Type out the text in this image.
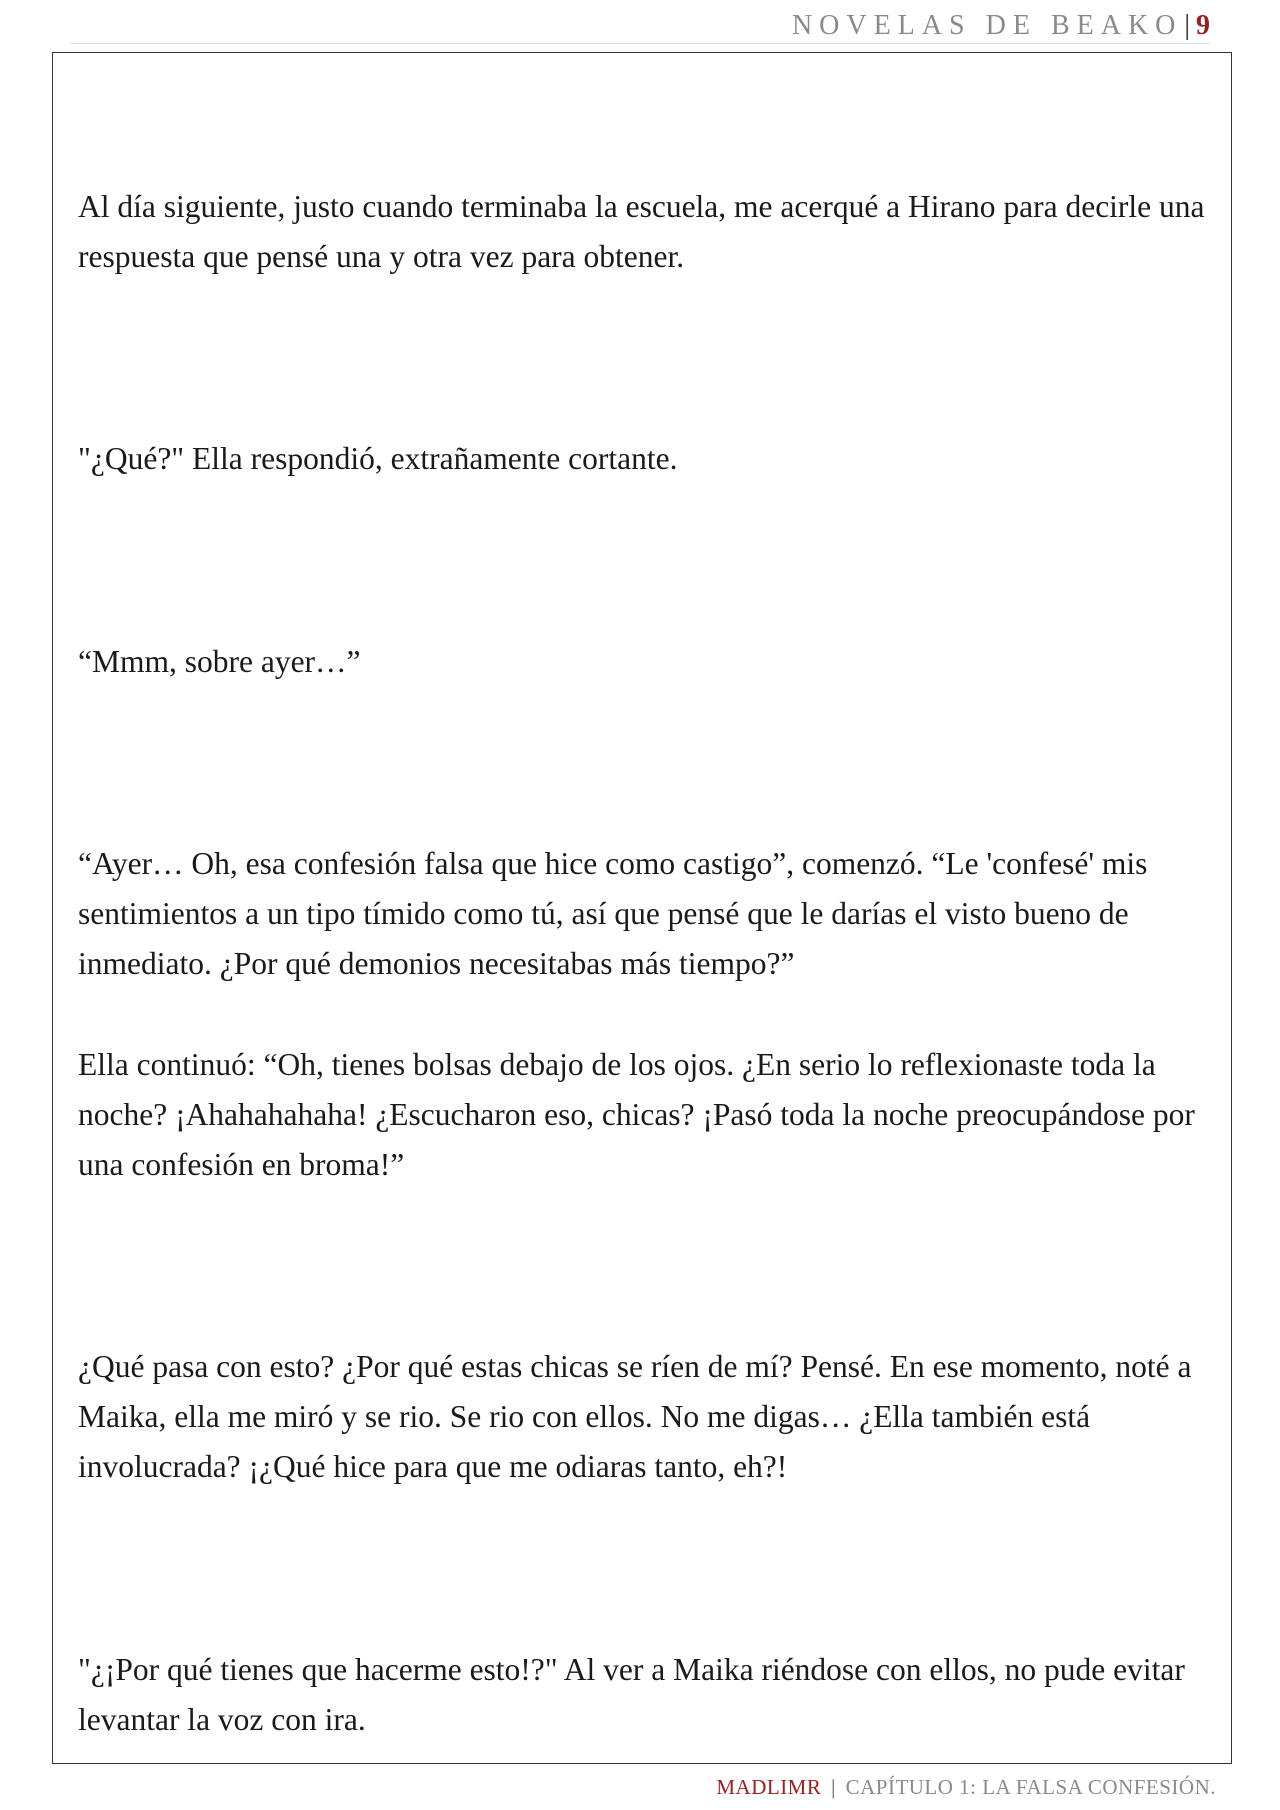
NOVELAS DE BEAKO | 9

Al día siguiente, justo cuando terminaba la escuela, me acerqué a Hirano para decirle una respuesta que pensé una y otra vez para obtener.

"¿Qué?" Ella respondió, extrañamente cortante.

“Mmm, sobre ayer…”

“Ayer… Oh, esa confesión falsa que hice como castigo”, comenzó. “Le 'confesé' mis sentimientos a un tipo tímido como tú, así que pensé que le darías el visto bueno de inmediato. ¿Por qué demonios necesitabas más tiempo?”

Ella continuó: “Oh, tienes bolsas debajo de los ojos. ¿En serio lo reflexionaste toda la noche? ¡Ahahahahaha! ¿Escucharon eso, chicas? ¡Pasó toda la noche preocupándose por una confesión en broma!”

¿Qué pasa con esto? ¿Por qué estas chicas se ríen de mí? Pensé. En ese momento, noté a Maika, ella me miró y se rio. Se rio con ellos. No me digas… ¿Ella también está involucrada? ¡¿Qué hice para que me odiaras tanto, eh?!

"¿¡Por qué tienes que hacerme esto!?" Al ver a Maika riéndose con ellos, no pude evitar levantar la voz con ira.

MADLIMR | CAPÍTULO 1: LA FALSA CONFESIÓN.
